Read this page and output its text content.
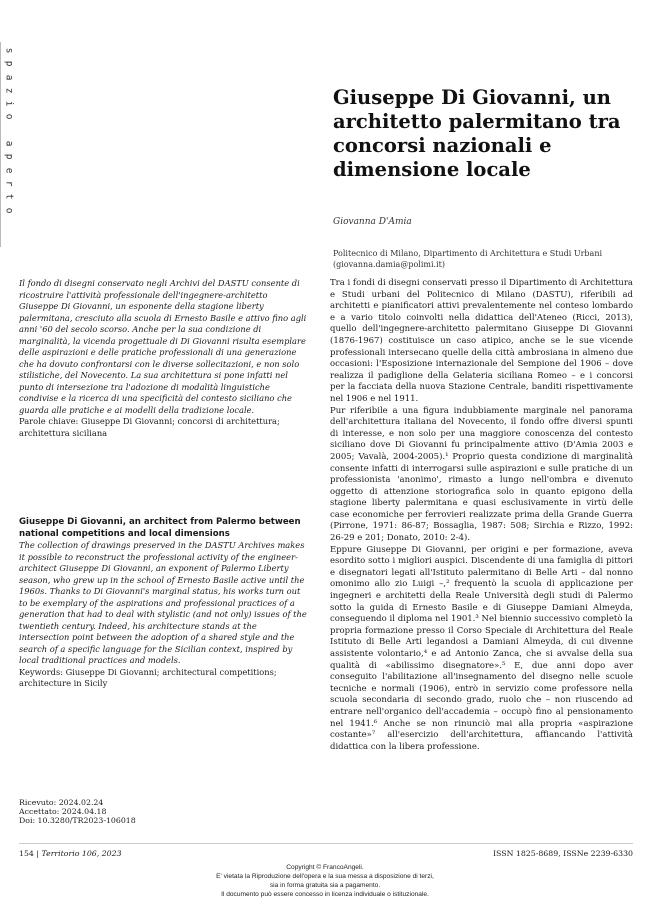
s
p
a
z
i
o
a
p
e
r
t
o
Giuseppe Di Giovanni, un architetto palermitano tra concorsi nazionali e dimensione locale
Giovanna D'Amia
Politecnico di Milano, Dipartimento di Architettura e Studi Urbani
(giovanna.damia@polimi.it)

Il fondo di disegni conservato negli Archivi del DASTU consente di ricostruire l'attività professionale dell'ingegnere-architetto Giuseppe Di Giovanni, un esponente della stagione liberty palermitana, cresciuto alla scuola di Ernesto Basile e attivo fino agli anni '60 del secolo scorso. Anche per la sua condizione di marginalità, la vicenda progettuale di Di Giovanni risulta esemplare delle aspirazioni e delle pratiche professionali di una generazione che ha dovuto confrontarsi con le diverse sollecitazioni, e non solo stilistiche, del Novecento. La sua architettura si pone infatti nel punto di intersezione tra l'adozione di modalità linguistiche condivise e la ricerca di una specificità del contesto siciliano che guarda alle pratiche e ai modelli della tradizione locale.

Parole chiave: Giuseppe Di Giovanni; concorsi di architettura; architettura siciliana

Giuseppe Di Giovanni, an architect from Palermo between national competitions and local dimensions

The collection of drawings preserved in the DASTU Archives makes it possible to reconstruct the professional activity of the engineer-architect Giuseppe Di Giovanni, an exponent of Palermo Liberty season, who grew up in the school of Ernesto Basile active until the 1960s. Thanks to Di Giovanni's marginal status, his works turn out to be exemplary of the aspirations and professional practices of a generation that had to deal with stylistic (and not only) issues of the twentieth century. Indeed, his architecture stands at the intersection point between the adoption of a shared style and the search of a specific language for the Sicilian context, inspired by local traditional practices and models.

Keywords: Giuseppe Di Giovanni; architectural competitions; architecture in Sicily

Ricevuto: 2024.02.24
Accettato: 2024.04.18
Doi: 10.3280/TR2023-106018

Tra i fondi di disegni conservati presso il Dipartimento di Architettura e Studi urbani del Politecnico di Milano (DASTU), riferibili ad architetti e pianificatori attivi prevalentemente nel conteso lombardo e a vario titolo coinvolti nella didattica dell'Ateneo (Ricci, 2013), quello dell'ingegnere-architetto palermitano Giuseppe Di Giovanni (1876-1967) costituisce un caso atipico, anche se le sue vicende professionali intersecano quelle della città ambrosiana in almeno due occasioni: l'Esposizione internazionale del Sempione del 1906 – dove realizza il padiglione della Gelateria siciliana Romeo – e i concorsi per la facciata della nuova Stazione Centrale, banditi rispettivamente nel 1906 e nel 1911.

Pur riferibile a una figura indubbiamente marginale nel panorama dell'architettura italiana del Novecento, il fondo offre diversi spunti di interesse, e non solo per una maggiore conoscenza del contesto siciliano dove Di Giovanni fu principalmente attivo (D'Amia 2003 e 2005; Vavalà, 2004-2005).¹ Proprio questa condizione di marginalità consente infatti di interrogarsi sulle aspirazioni e sulle pratiche di un professionista 'anonimo', rimasto a lungo nell'ombra e divenuto oggetto di attenzione storiografica solo in quanto epigono della stagione liberty palermitana e quasi esclusivamente in virtù delle case economiche per ferrovieri realizzate prima della Grande Guerra (Pirrone, 1971: 86-87; Bossaglia, 1987: 508; Sirchia e Rizzo, 1992: 26-29 e 201; Donato, 2010: 2-4).

Eppure Giuseppe Di Giovanni, per origini e per formazione, aveva esordito sotto i migliori auspici. Discendente di una famiglia di pittori e disegnatori legati all'Istituto palermitano di Belle Arti – dal nonno omonimo allo zio Luigi –,² frequentò la scuola di applicazione per ingegneri e architetti della Reale Università degli studi di Palermo sotto la guida di Ernesto Basile e di Giuseppe Damiani Almeyda, conseguendo il diploma nel 1901.³ Nel biennio successivo completò la propria formazione presso il Corso Speciale di Architettura del Reale Istituto di Belle Arti legandosi a Damiani Almeyda, di cui divenne assistente volontario,⁴ e ad Antonio Zanca, che si avvalse della sua qualità di «abilissimo disegnatore».⁵ E, due anni dopo aver conseguito l'abilitazione all'insegnamento del disegno nelle scuole tecniche e normali (1906), entrò in servizio come professore nella scuola secondaria di secondo grado, ruolo che – non riuscendo ad entrare nell'organico dell'accademia – occupò fino al pensionamento nel 1941.⁶ Anche se non rinunciò mai alla propria «aspirazione costante»⁷ all'esercizio dell'architettura, affiancando l'attività didattica con la libera professione.

154 | Territorio 106, 2023	ISSN 1825-8689, ISSNe 2239-6330
Copyright © FrancoAngeli.
E' vietata la Riproduzione dell'opera e la sua messa a disposizione di terzi,
sia in forma gratuita sia a pagamento.
Il documento può essere concesso in licenza individuale o istituzionale.
